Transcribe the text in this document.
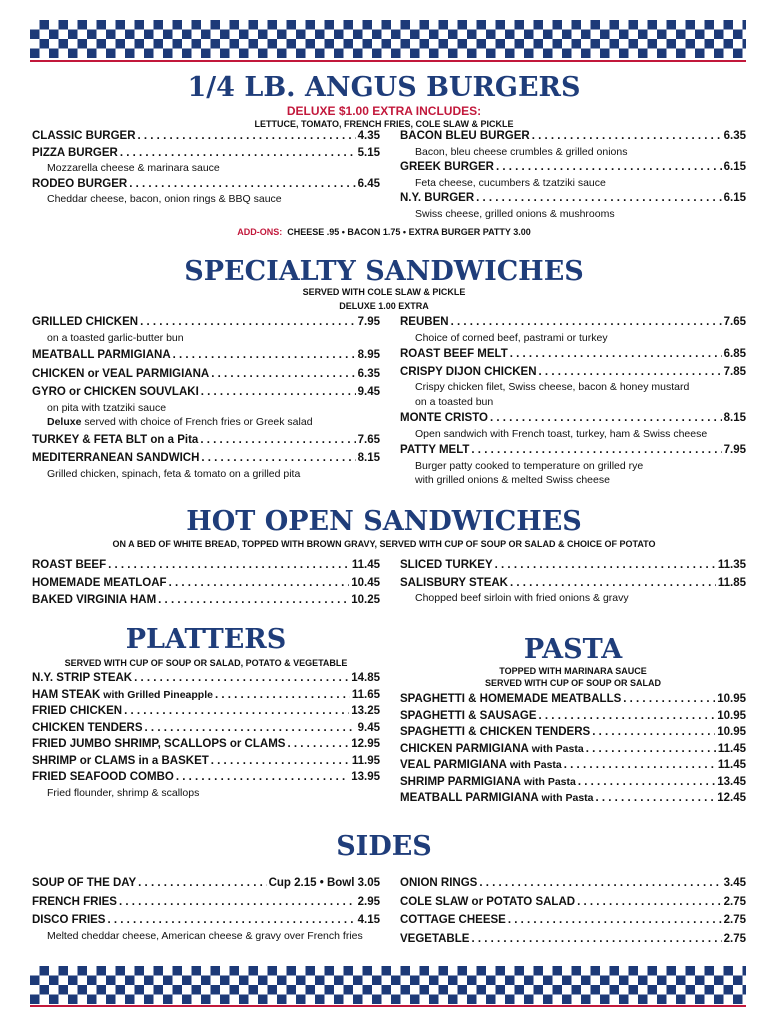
1/4 LB. ANGUS BURGERS
DELUXE $1.00 EXTRA INCLUDES:
LETTUCE, TOMATO, FRENCH FRIES, COLE SLAW & PICKLE
CLASSIC BURGER . . .	4.35
PIZZA BURGER . . .	5.15
Mozzarella cheese & marinara sauce
RODEO BURGER . . .	6.45
Cheddar cheese, bacon, onion rings & BBQ sauce
BACON BLEU BURGER . . .	6.35
Bacon, bleu cheese crumbles & grilled onions
GREEK BURGER . . .	6.15
Feta cheese, cucumbers & tzatziki sauce
N.Y. BURGER . . .	6.15
Swiss cheese, grilled onions & mushrooms
ADD-ONS: CHEESE .95 • BACON 1.75 • EXTRA BURGER PATTY 3.00
SPECIALTY SANDWICHES
SERVED WITH COLE SLAW & PICKLE
DELUXE 1.00 EXTRA
GRILLED CHICKEN . . .	7.95
on a toasted garlic-butter bun
MEATBALL PARMIGIANA . . .	8.95
CHICKEN or VEAL PARMIGIANA . . .	6.35
GYRO or CHICKEN SOUVLAKI . . .	9.45
on pita with tzatziki sauce
Deluxe served with choice of French fries or Greek salad
TURKEY & FETA BLT on a Pita . . .	7.65
MEDITERRANEAN SANDWICH . . .	8.15
Grilled chicken, spinach, feta & tomato on a grilled pita
REUBEN . . .	7.65
Choice of corned beef, pastrami or turkey
ROAST BEEF MELT . . .	6.85
CRISPY DIJON CHICKEN . . .	7.85
Crispy chicken filet, Swiss cheese, bacon & honey mustard
on a toasted bun
MONTE CRISTO . . .	8.15
Open sandwich with French toast, turkey, ham & Swiss cheese
PATTY MELT . . .	7.95
Burger patty cooked to temperature on grilled rye
with grilled onions & melted Swiss cheese
HOT OPEN SANDWICHES
ON A BED OF WHITE BREAD, TOPPED WITH BROWN GRAVY, SERVED WITH CUP OF SOUP OR SALAD & CHOICE OF POTATO
ROAST BEEF . . .	11.45
HOMEMADE MEATLOAF . . .	10.45
BAKED VIRGINIA HAM . . .	10.25
SLICED TURKEY . . .	11.35
SALISBURY STEAK . . .	11.85
Chopped beef sirloin with fried onions & gravy
PLATTERS
SERVED WITH CUP OF SOUP OR SALAD, POTATO & VEGETABLE
N.Y. STRIP STEAK . . .	14.85
HAM STEAK with Grilled Pineapple . . .	11.65
FRIED CHICKEN . . .	13.25
CHICKEN TENDERS . . .	9.45
FRIED JUMBO SHRIMP, SCALLOPS or CLAMS . . .	12.95
SHRIMP or CLAMS in a BASKET . . .	11.95
FRIED SEAFOOD COMBO . . .	13.95
Fried flounder, shrimp & scallops
PASTA
TOPPED WITH MARINARA SAUCE
SERVED WITH CUP OF SOUP OR SALAD
SPAGHETTI & HOMEMADE MEATBALLS . . .	10.95
SPAGHETTI & SAUSAGE . . .	10.95
SPAGHETTI & CHICKEN TENDERS . . .	10.95
CHICKEN PARMIGIANA with Pasta . . .	11.45
VEAL PARMIGIANA with Pasta . . .	11.45
SHRIMP PARMIGIANA with Pasta . . .	13.45
MEATBALL PARMIGIANA with Pasta . . .	12.45
SIDES
SOUP OF THE DAY . . .	Cup 2.15 • Bowl 3.05
FRENCH FRIES . . .	2.95
DISCO FRIES . . .	4.15
Melted cheddar cheese, American cheese & gravy over French fries
ONION RINGS . . .	3.45
COLE SLAW or POTATO SALAD . . .	2.75
COTTAGE CHEESE . . .	2.75
VEGETABLE . . .	2.75
